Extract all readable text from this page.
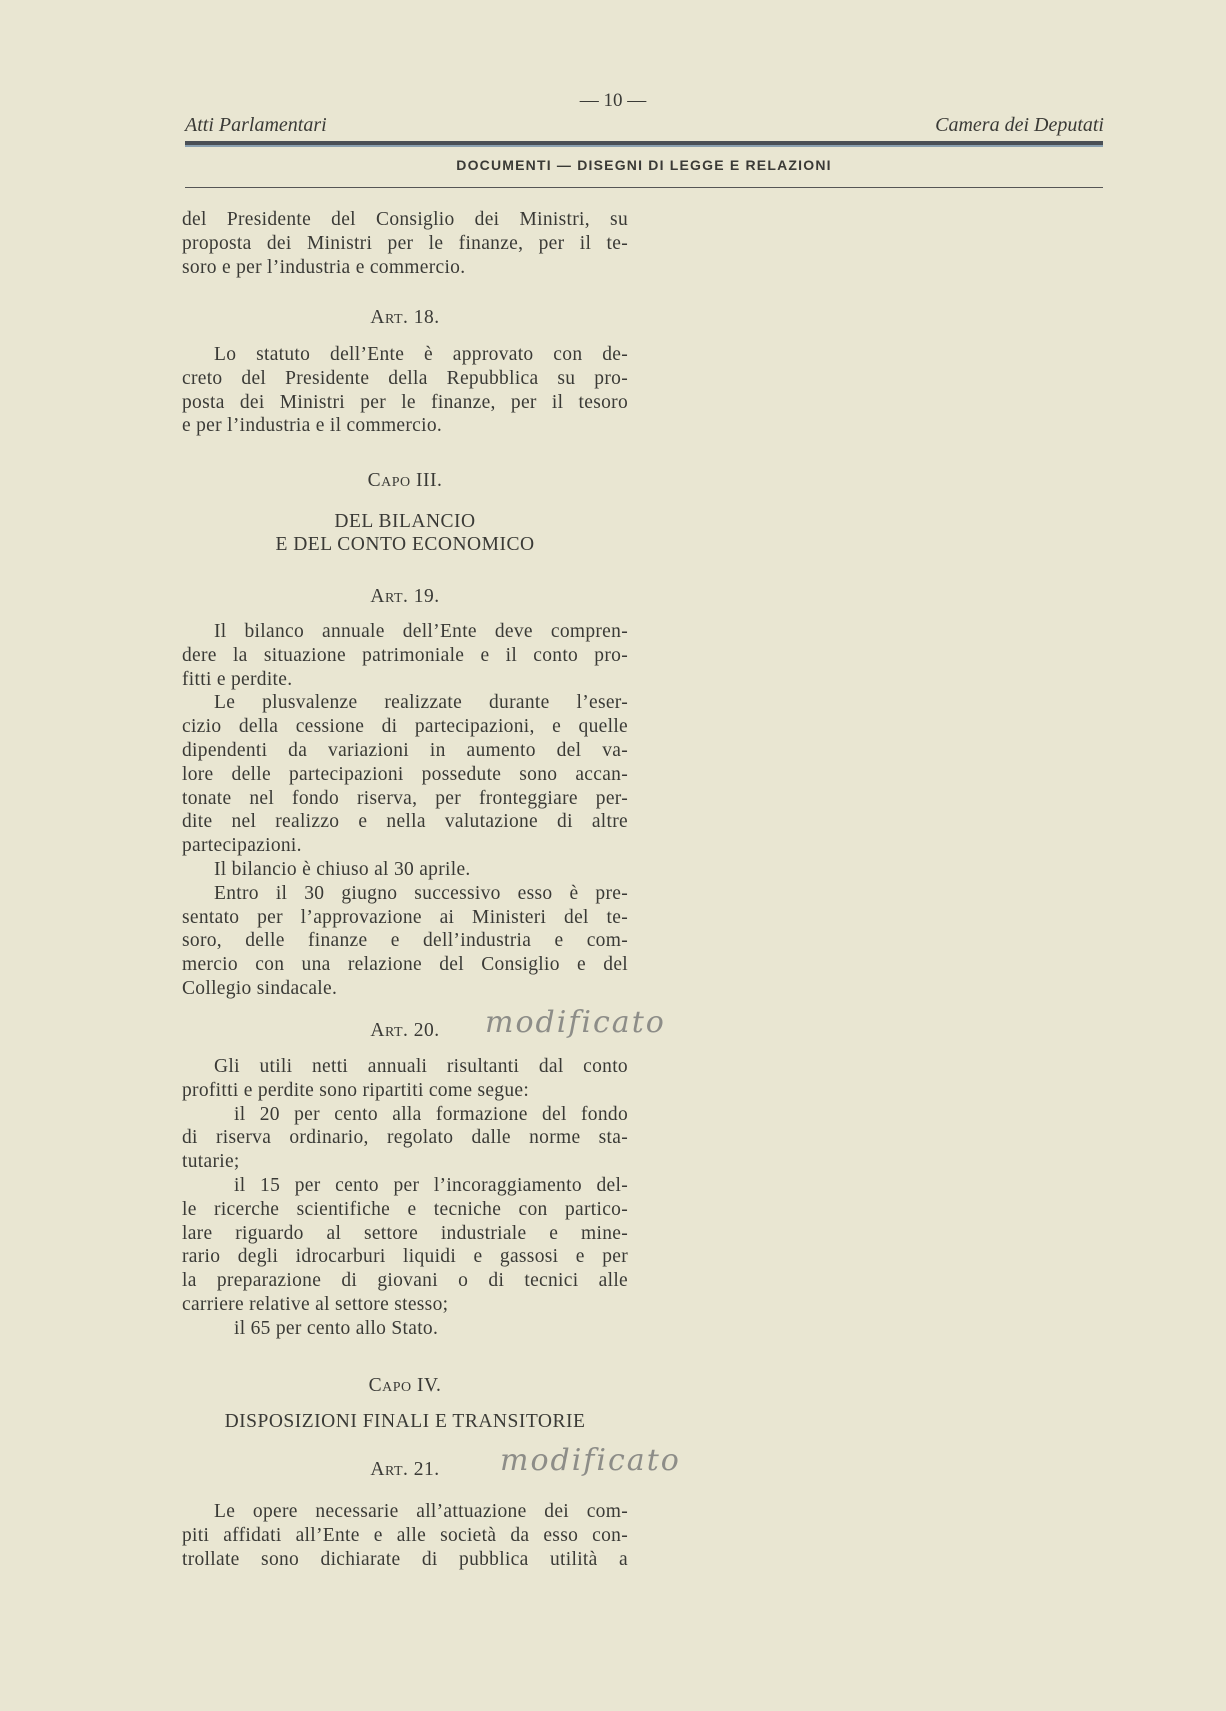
— 10 —
Atti Parlamentari	Camera dei Deputati
DOCUMENTI — DISEGNI DI LEGGE E RELAZIONI
del Presidente del Consiglio dei Ministri, su
proposta dei Ministri per le finanze, per il te-
soro e per l’industria e commercio.
Art. 18.
Lo statuto dell’Ente è approvato con de-
creto del Presidente della Repubblica su pro-
posta dei Ministri per le finanze, per il tesoro
e per l’industria e il commercio.
Capo III.
DEL BILANCIO
E DEL CONTO ECONOMICO
Art. 19.
Il bilanco annuale dell’Ente deve compren-
dere la situazione patrimoniale e il conto pro-
fitti e perdite.
Le plusvalenze realizzate durante l’eser-
cizio della cessione di partecipazioni, e quelle
dipendenti da variazioni in aumento del va-
lore delle partecipazioni possedute sono accan-
tonate nel fondo riserva, per fronteggiare per-
dite nel realizzo e nella valutazione di altre
partecipazioni.
Il bilancio è chiuso al 30 aprile.
Entro il 30 giugno successivo esso è pre-
sentato per l’approvazione ai Ministeri del te-
soro, delle finanze e dell’industria e com-
mercio con una relazione del Consiglio e del
Collegio sindacale.
Art. 20.	modificato
Gli utili netti annuali risultanti dal conto
profitti e perdite sono ripartiti come segue:
il 20 per cento alla formazione del fondo
di riserva ordinario, regolato dalle norme sta-
tutarie;
il 15 per cento per l’incoraggiamento del-
le ricerche scientifiche e tecniche con partico-
lare riguardo al settore industriale e mine-
rario degli idrocarburi liquidi e gassosi e per
la preparazione di giovani o di tecnici alle
carriere relative al settore stesso;
il 65 per cento allo Stato.
Capo IV.
DISPOSIZIONI FINALI E TRANSITORIE
Art. 21.	modificato
Le opere necessarie all’attuazione dei com-
piti affidati all’Ente e alle società da esso con-
trollate sono dichiarate di pubblica utilità a
